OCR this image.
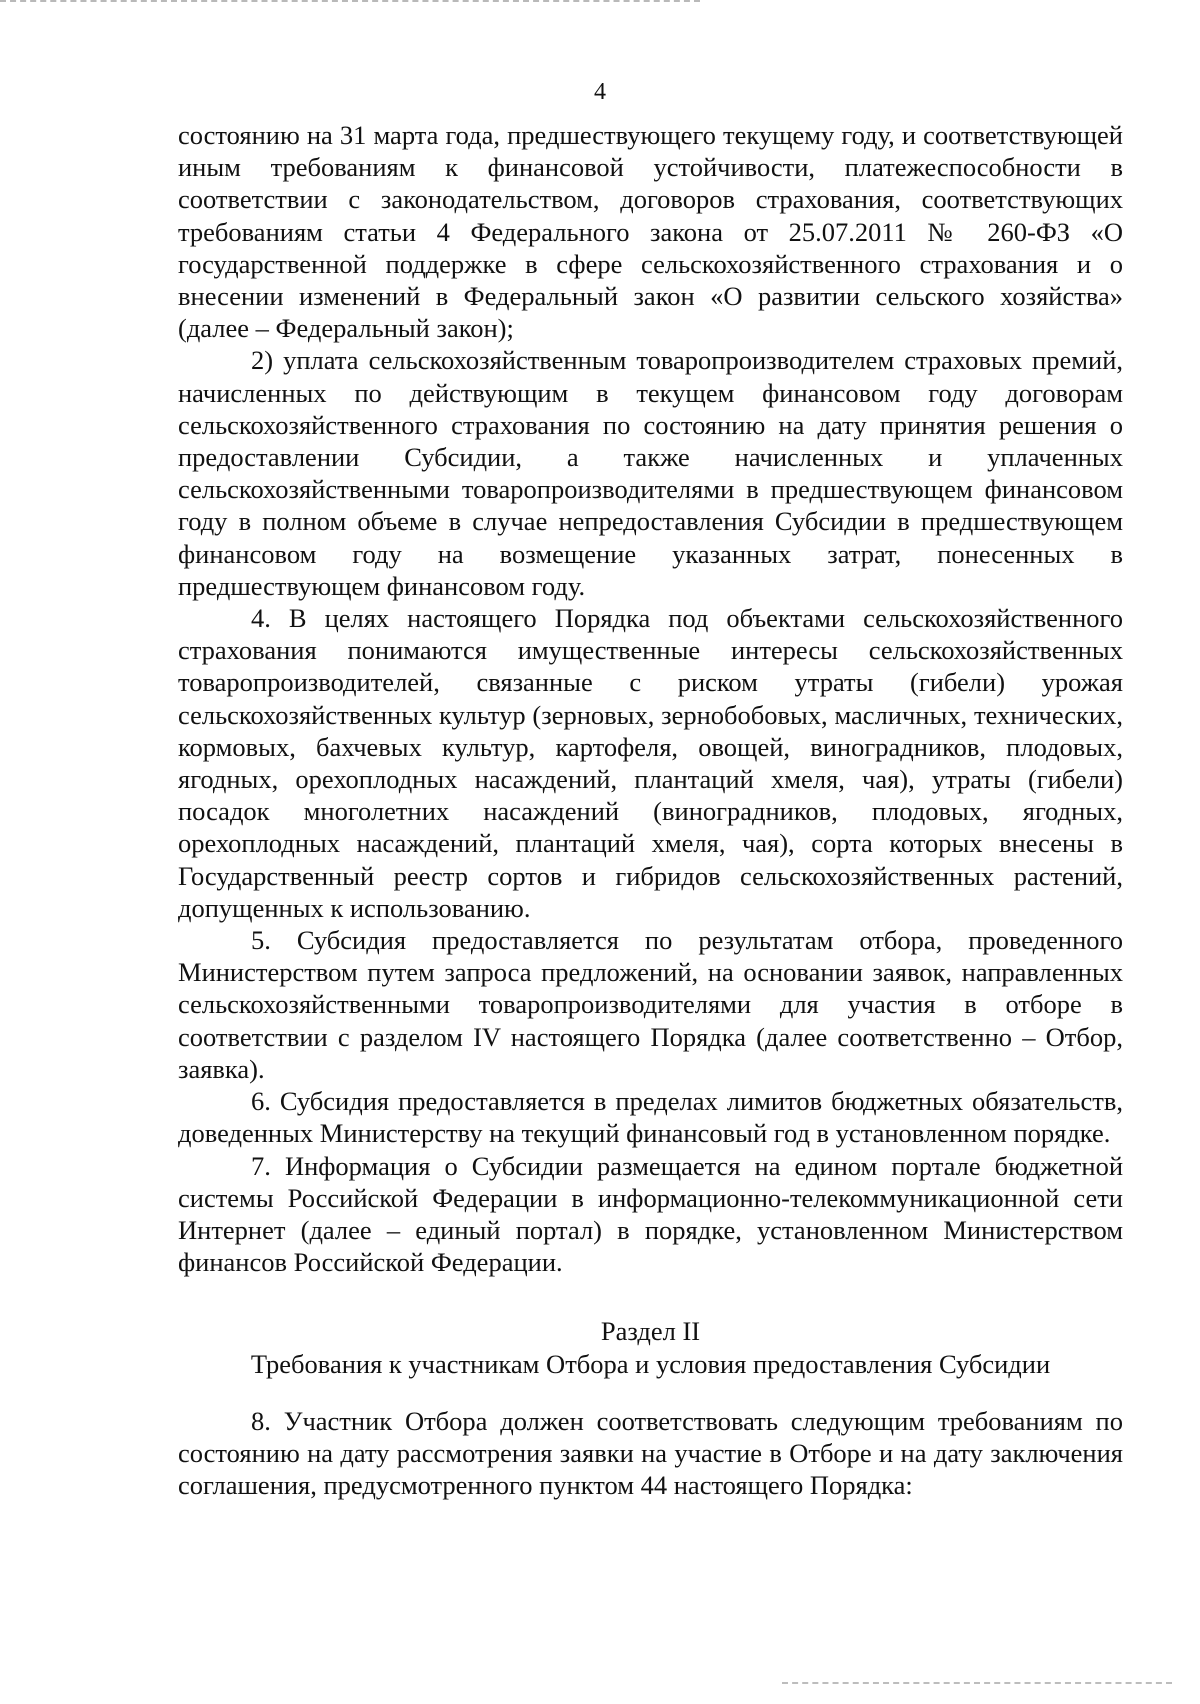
4

состоянию на 31 марта года, предшествующего текущему году, и соответствующей иным требованиям к финансовой устойчивости, платежеспособности в соответствии с законодательством, договоров страхования, соответствующих требованиям статьи 4 Федерального закона от 25.07.2011 № 260-ФЗ «О государственной поддержке в сфере сельскохозяйственного страхования и о внесении изменений в Федеральный закон «О развитии сельского хозяйства» (далее – Федеральный закон);

2) уплата сельскохозяйственным товаропроизводителем страховых премий, начисленных по действующим в текущем финансовом году договорам сельскохозяйственного страхования по состоянию на дату принятия решения о предоставлении Субсидии, а также начисленных и уплаченных сельскохозяйственными товаропроизводителями в предшествующем финансовом году в полном объеме в случае непредоставления Субсидии в предшествующем финансовом году на возмещение указанных затрат, понесенных в предшествующем финансовом году.

4. В целях настоящего Порядка под объектами сельскохозяйственного страхования понимаются имущественные интересы сельскохозяйственных товаропроизводителей, связанные с риском утраты (гибели) урожая сельскохозяйственных культур (зерновых, зернобобовых, масличных, технических, кормовых, бахчевых культур, картофеля, овощей, виноградников, плодовых, ягодных, орехоплодных насаждений, плантаций хмеля, чая), утраты (гибели) посадок многолетних насаждений (виноградников, плодовых, ягодных, орехоплодных насаждений, плантаций хмеля, чая), сорта которых внесены в Государственный реестр сортов и гибридов сельскохозяйственных растений, допущенных к использованию.

5. Субсидия предоставляется по результатам отбора, проведенного Министерством путем запроса предложений, на основании заявок, направленных сельскохозяйственными товаропроизводителями для участия в отборе в соответствии с разделом IV настоящего Порядка (далее соответственно – Отбор, заявка).

6. Субсидия предоставляется в пределах лимитов бюджетных обязательств, доведенных Министерству на текущий финансовый год в установленном порядке.

7. Информация о Субсидии размещается на едином портале бюджетной системы Российской Федерации в информационно-телекоммуникационной сети Интернет (далее – единый портал) в порядке, установленном Министерством финансов Российской Федерации.

Раздел II

Требования к участникам Отбора и условия предоставления Субсидии

8. Участник Отбора должен соответствовать следующим требованиям по состоянию на дату рассмотрения заявки на участие в Отборе и на дату заключения соглашения, предусмотренного пунктом 44 настоящего Порядка:
